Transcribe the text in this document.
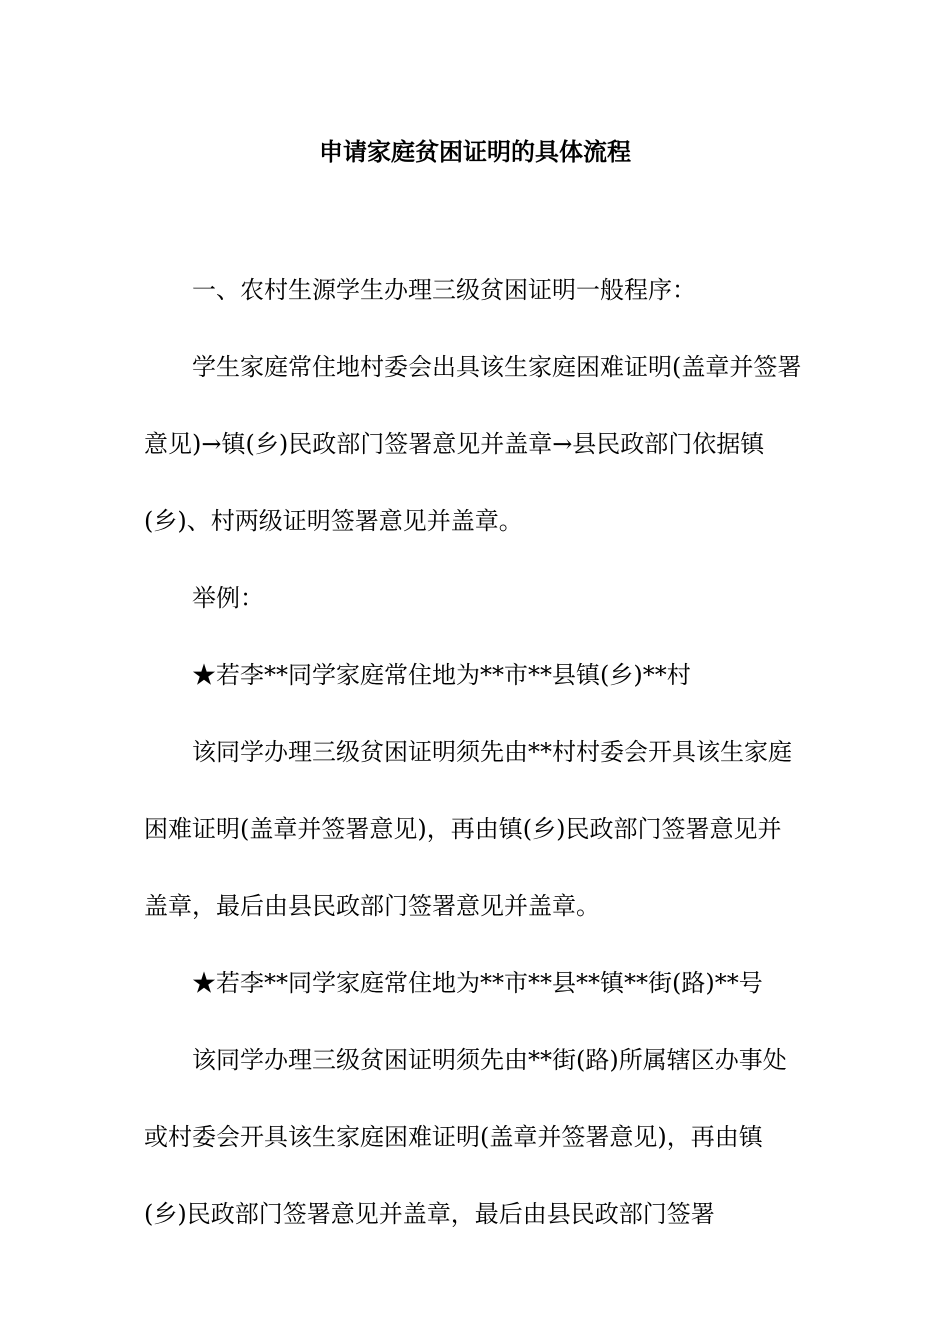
申请家庭贫困证明的具体流程
一、农村生源学生办理三级贫困证明一般程序：
学生家庭常住地村委会出具该生家庭困难证明(盖章并签署
意见)→镇(乡)民政部门签署意见并盖章→县民政部门依据镇
(乡)、村两级证明签署意见并盖章。
举例：
★若李**同学家庭常住地为**市**县镇(乡)**村
该同学办理三级贫困证明须先由**村村委会开具该生家庭
困难证明(盖章并签署意见)，再由镇(乡)民政部门签署意见并
盖章，最后由县民政部门签署意见并盖章。
★若李**同学家庭常住地为**市**县**镇**街(路)**号
该同学办理三级贫困证明须先由**街(路)所属辖区办事处
或村委会开具该生家庭困难证明(盖章并签署意见)，再由镇
(乡)民政部门签署意见并盖章，最后由县民政部门签署
